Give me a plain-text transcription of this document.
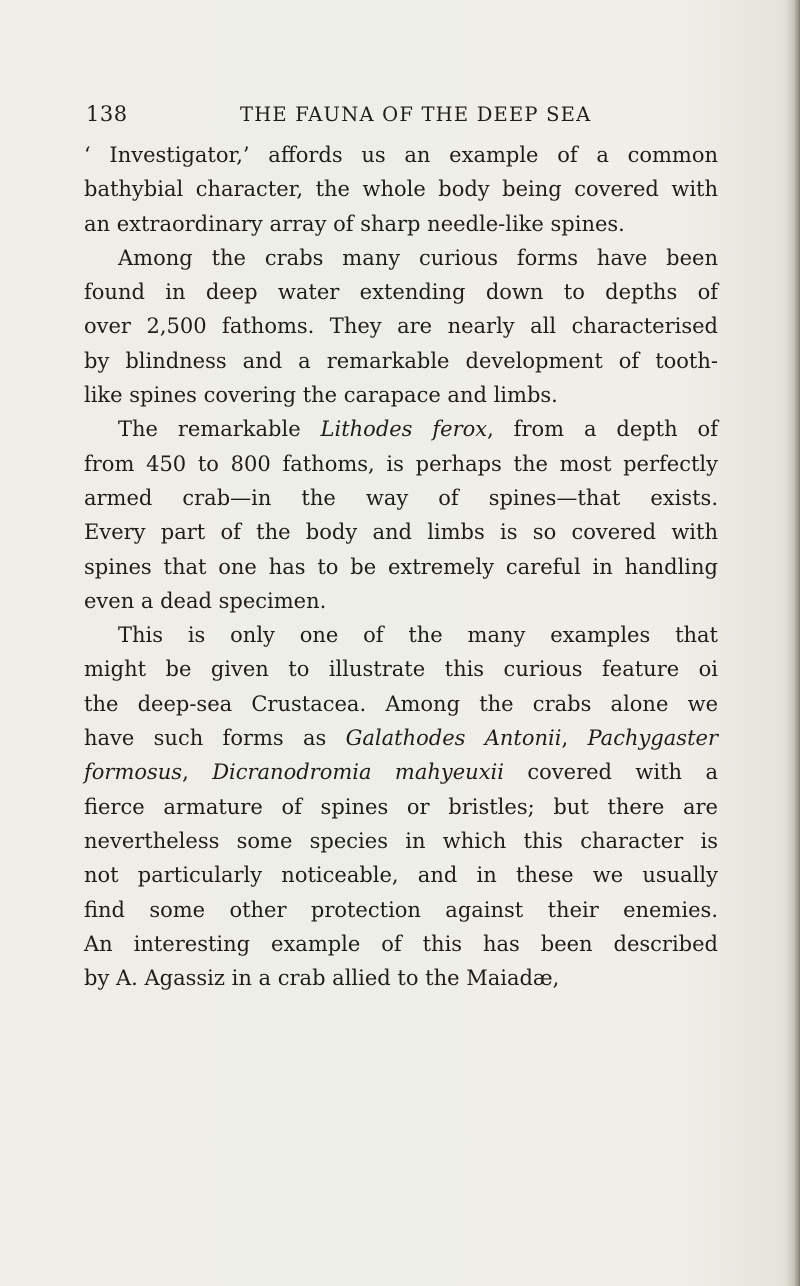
138	THE FAUNA OF THE DEEP SEA
‘ Investigator,’ affords us an example of a common
bathybial character, the whole body being covered with
an extraordinary array of sharp needle-like spines.
Among the crabs many curious forms have been
found in deep water extending down to depths of
over 2,500 fathoms. They are nearly all characterised
by blindness and a remarkable development of tooth-
like spines covering the carapace and limbs.
The remarkable Lithodes ferox, from a depth of
from 450 to 800 fathoms, is perhaps the most perfectly
armed crab—in the way of spines—that exists.
Every part of the body and limbs is so covered with
spines that one has to be extremely careful in handling
even a dead specimen.
This is only one of the many examples that
might be given to illustrate this curious feature oi
the deep-sea Crustacea. Among the crabs alone we
have such forms as Galathodes Antonii, Pachygaster
formosus, Dicranodromia mahyeuxii covered with a
fierce armature of spines or bristles; but there are
nevertheless some species in which this character is
not particularly noticeable, and in these we usually
find some other protection against their enemies.
An interesting example of this has been described
by A. Agassiz in a crab allied to the Maiadæ,
